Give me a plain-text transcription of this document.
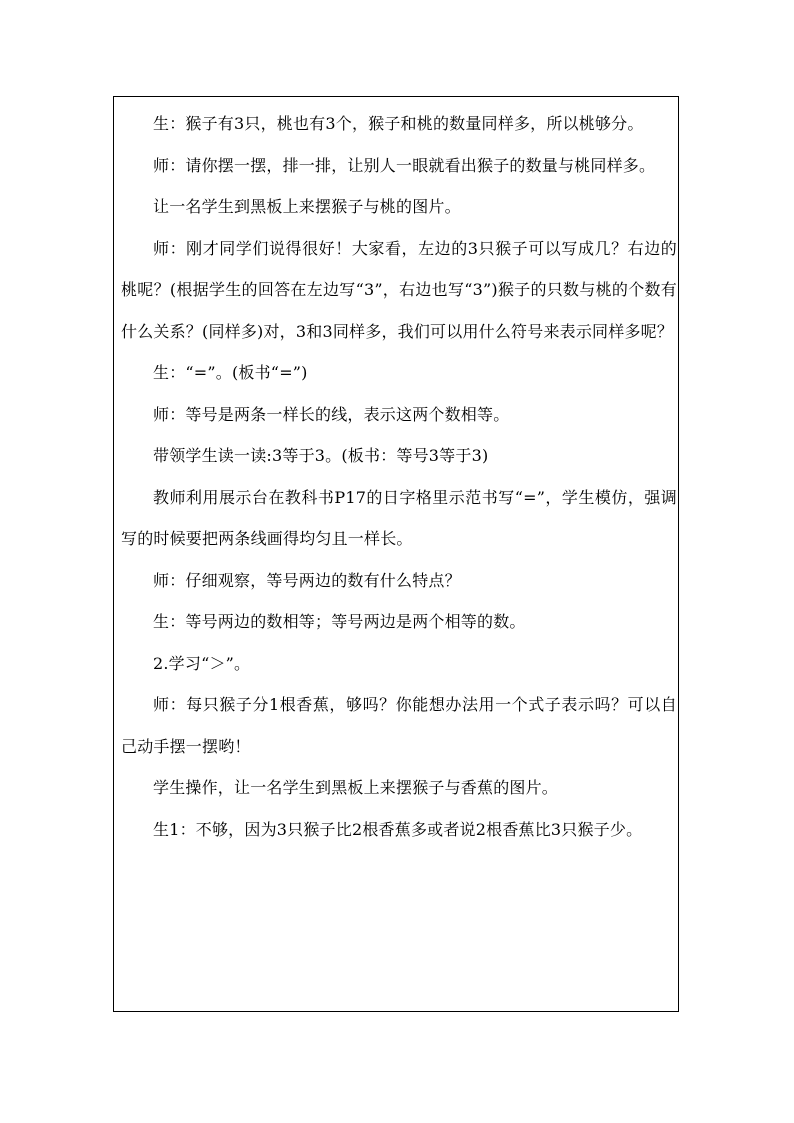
生：猴子有3只，桃也有3个，猴子和桃的数量同样多，所以桃够分。

师：请你摆一摆，排一排，让别人一眼就看出猴子的数量与桃同样多。

让一名学生到黑板上来摆猴子与桃的图片。

师：刚才同学们说得很好！大家看，左边的3只猴子可以写成几？右边的桃呢？(根据学生的回答在左边写“3”，右边也写“3”)猴子的只数与桃的个数有什么关系？(同样多)对，3和3同样多，我们可以用什么符号来表示同样多呢？

生：“=”。(板书“=”)

师：等号是两条一样长的线，表示这两个数相等。

带领学生读一读:3等于3。(板书：等号3等于3)

教师利用展示台在教科书P17的日字格里示范书写“=”，学生模仿，强调写的时候要把两条线画得均匀且一样长。

师：仔细观察，等号两边的数有什么特点？

生：等号两边的数相等；等号两边是两个相等的数。

2.学习“＞”。

师：每只猴子分1根香蕉，够吗？你能想办法用一个式子表示吗？可以自己动手摆一摆哟！

学生操作，让一名学生到黑板上来摆猴子与香蕉的图片。

生1：不够，因为3只猴子比2根香蕉多或者说2根香蕉比3只猴子少。
